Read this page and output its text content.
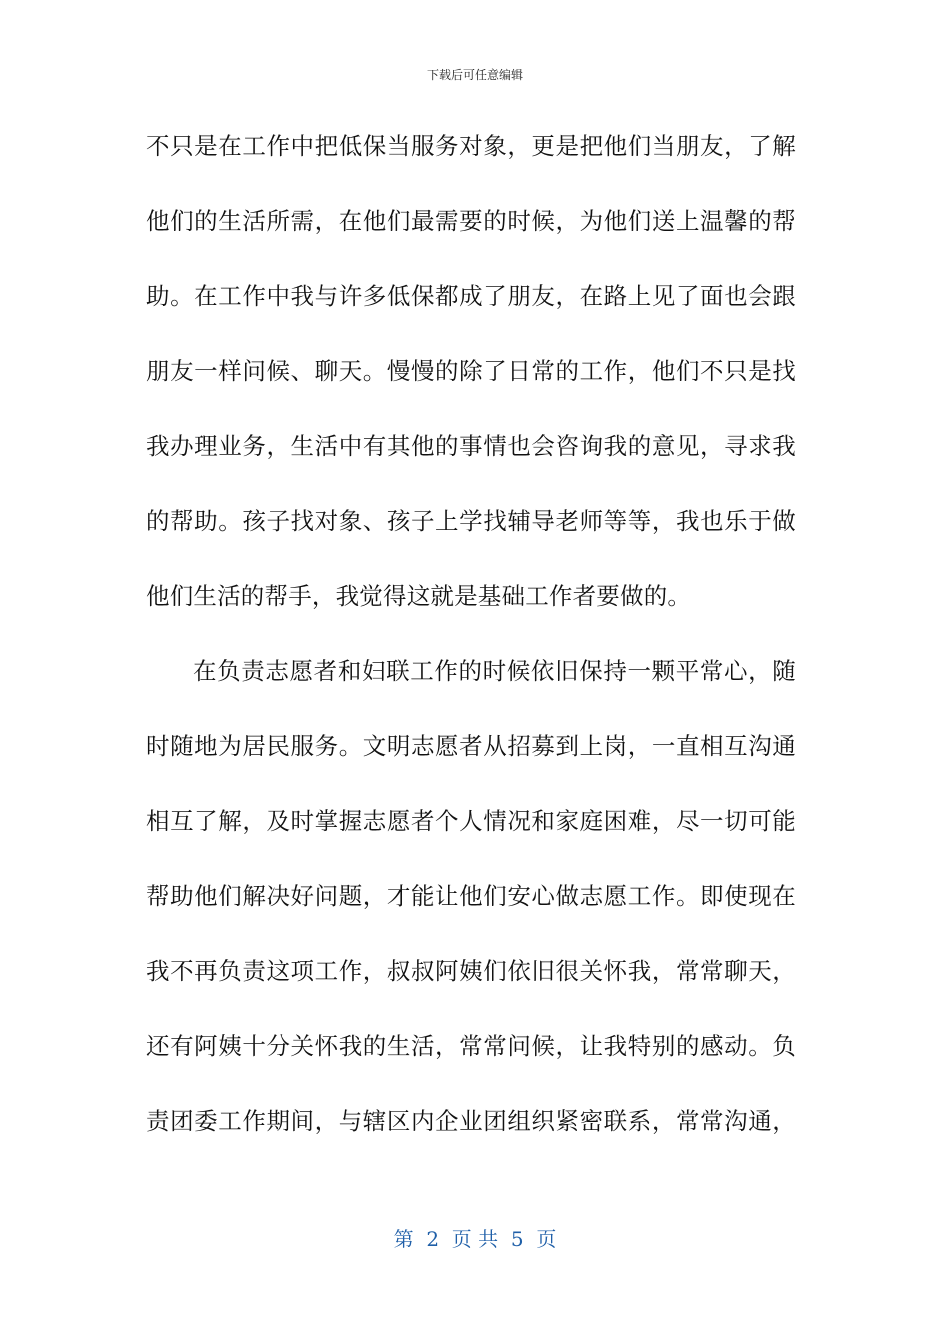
下载后可任意编辑
不只是在工作中把低保当服务对象，更是把他们当朋友，了解
他们的生活所需，在他们最需要的时候，为他们送上温馨的帮
助。在工作中我与许多低保都成了朋友，在路上见了面也会跟
朋友一样问候、聊天。慢慢的除了日常的工作，他们不只是找
我办理业务，生活中有其他的事情也会咨询我的意见，寻求我
的帮助。孩子找对象、孩子上学找辅导老师等等，我也乐于做
他们生活的帮手，我觉得这就是基础工作者要做的。
在负责志愿者和妇联工作的时候依旧保持一颗平常心，随
时随地为居民服务。文明志愿者从招募到上岗，一直相互沟通
相互了解，及时掌握志愿者个人情况和家庭困难，尽一切可能
帮助他们解决好问题，才能让他们安心做志愿工作。即使现在
我不再负责这项工作，叔叔阿姨们依旧很关怀我，常常聊天，
还有阿姨十分关怀我的生活，常常问候，让我特别的感动。负
责团委工作期间，与辖区内企业团组织紧密联系，常常沟通，
第  2  页 共  5  页
